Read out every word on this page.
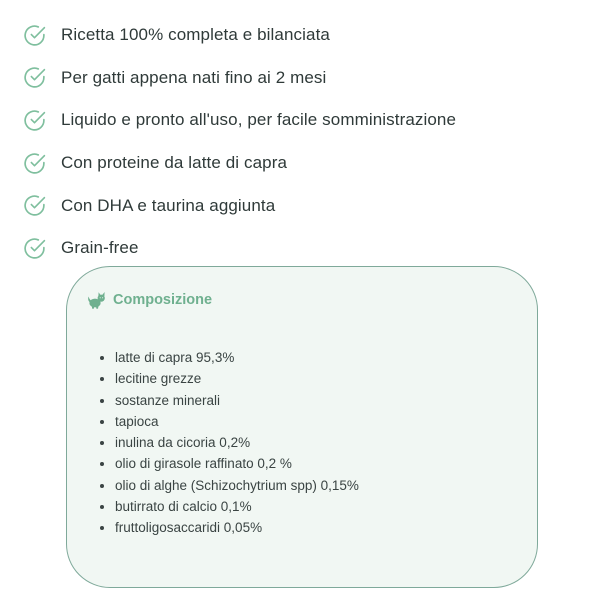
Ricetta 100% completa e bilanciata
Per gatti appena nati fino ai 2 mesi
Liquido e pronto all'uso, per facile somministrazione
Con proteine da latte di capra
Con DHA e taurina aggiunta
Grain-free
Composizione
• latte di capra 95,3%
• lecitine grezze
• sostanze minerali
• tapioca
• inulina da cicoria 0,2%
• olio di girasole raffinato 0,2 %
• olio di alghe (Schizochytrium spp) 0,15%
• butirrato di calcio 0,1%
• fruttoligosaccaridi 0,05%
